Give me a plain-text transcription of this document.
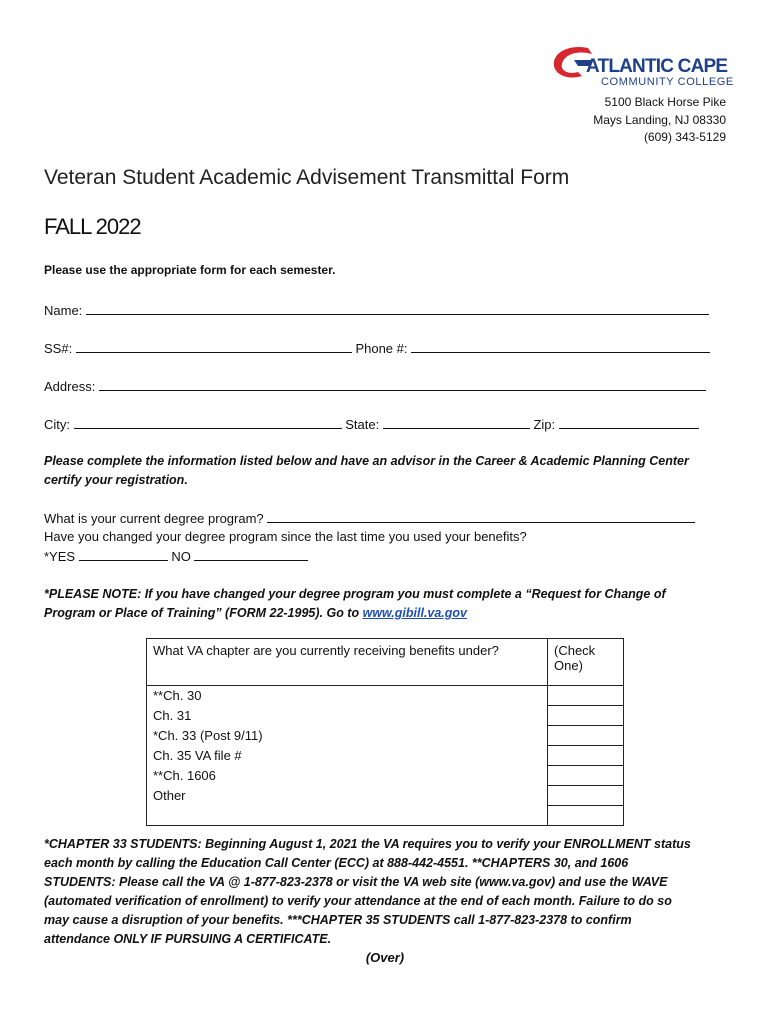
ATLANTIC CAPE
COMMUNITY COLLEGE
5100 Black Horse Pike
Mays Landing, NJ 08330
(609) 343-5129
Veteran Student Academic Advisement Transmittal Form
FALL 2022
Please use the appropriate form for each semester.
Name:
SS#:	Phone #:
Address:
City:	State:	Zip:
Please complete the information listed below and have an advisor in the Career & Academic Planning Center
certify your registration.
What is your current degree program?
Have you changed your degree program since the last time you used your benefits?
*YES	NO
*PLEASE NOTE: If you have changed your degree program you must complete a “Request for Change of
Program or Place of Training” (FORM 22-1995). Go to www.gibill.va.gov
What VA chapter are you currently receiving benefits under?	(Check
One)

**Ch. 30	
Ch. 31	
*Ch. 33 (Post 9/11)	
Ch. 35 VA file #	
**Ch. 1606	
Other	

*CHAPTER 33 STUDENTS: Beginning August 1, 2021 the VA requires you to verify your ENROLLMENT status
each month by calling the Education Call Center (ECC) at 888-442-4551. **CHAPTERS 30, and 1606
STUDENTS: Please call the VA @ 1-877-823-2378 or visit the VA web site (www.va.gov) and use the WAVE
(automated verification of enrollment) to verify your attendance at the end of each month. Failure to do so
may cause a disruption of your benefits. ***CHAPTER 35 STUDENTS call 1-877-823-2378 to confirm
attendance ONLY IF PURSUING A CERTIFICATE.
(Over)
